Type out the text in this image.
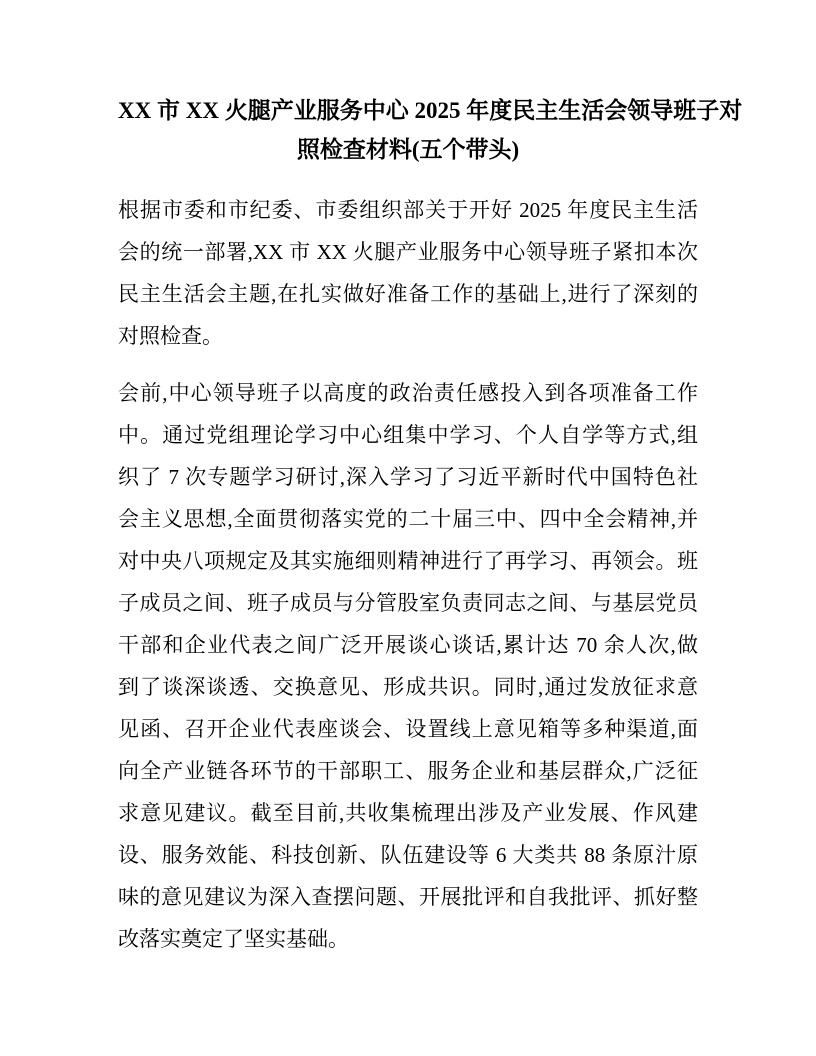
XX 市 XX 火腿产业服务中心 2025 年度民主生活会领导班子对
照检查材料(五个带头)
根据市委和市纪委、市委组织部关于开好 2025 年度民主生活
会的统一部署,XX 市 XX 火腿产业服务中心领导班子紧扣本次
民主生活会主题,在扎实做好准备工作的基础上,进行了深刻的
对照检查。
会前,中心领导班子以高度的政治责任感投入到各项准备工作
中。通过党组理论学习中心组集中学习、个人自学等方式,组
织了 7 次专题学习研讨,深入学习了习近平新时代中国特色社
会主义思想,全面贯彻落实党的二十届三中、四中全会精神,并
对中央八项规定及其实施细则精神进行了再学习、再领会。班
子成员之间、班子成员与分管股室负责同志之间、与基层党员
干部和企业代表之间广泛开展谈心谈话,累计达 70 余人次,做
到了谈深谈透、交换意见、形成共识。同时,通过发放征求意
见函、召开企业代表座谈会、设置线上意见箱等多种渠道,面
向全产业链各环节的干部职工、服务企业和基层群众,广泛征
求意见建议。截至目前,共收集梳理出涉及产业发展、作风建
设、服务效能、科技创新、队伍建设等 6 大类共 88 条原汁原
味的意见建议为深入查摆问题、开展批评和自我批评、抓好整
改落实奠定了坚实基础。
